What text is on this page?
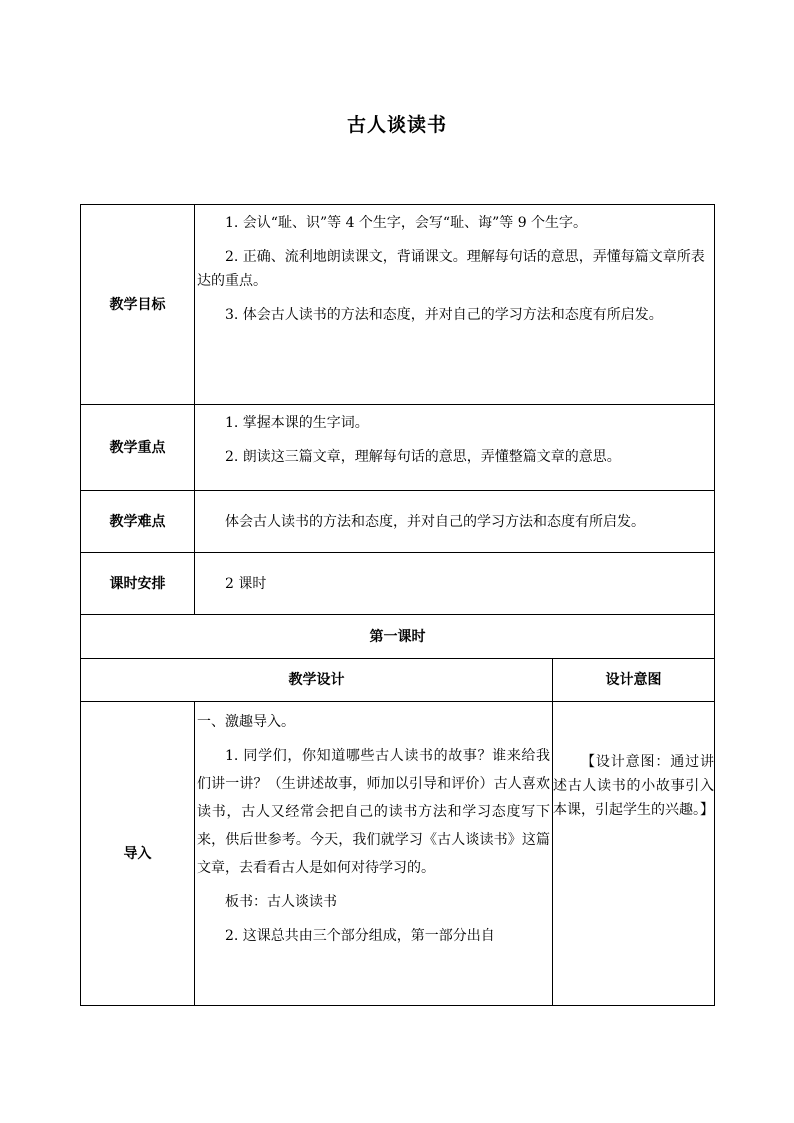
古人谈读书
教学目标	1. 会认“耻、识”等 4 个生字，会写“耻、诲”等 9 个生字。

2. 正确、流利地朗读课文，背诵课文。理解每句话的意思，弄懂每篇文章所表达的重点。

3. 体会古人读书的方法和态度，并对自己的学习方法和态度有所启发。	

教学重点	1. 掌握本课的生字词。

2. 朗读这三篇文章，理解每句话的意思，弄懂整篇文章的意思。	

教学难点	体会古人读书的方法和态度，并对自己的学习方法和态度有所启发。	

课时安排	2 课时	

第一课时		
教学设计		设计意图
导入	一、激趣导入。

1. 同学们，你知道哪些古人读书的故事？谁来给我们讲一讲？（生讲述故事，师加以引导和评价）古人喜欢读书，古人又经常会把自己的读书方法和学习态度写下来，供后世参考。今天，我们就学习《古人谈读书》这篇文章，去看看古人是如何对待学习的。

板书：古人谈读书

2. 这课总共由三个部分组成，第一部分出自	【设计意图：通过讲述古人读书的小故事引入本课，引起学生的兴趣。】
